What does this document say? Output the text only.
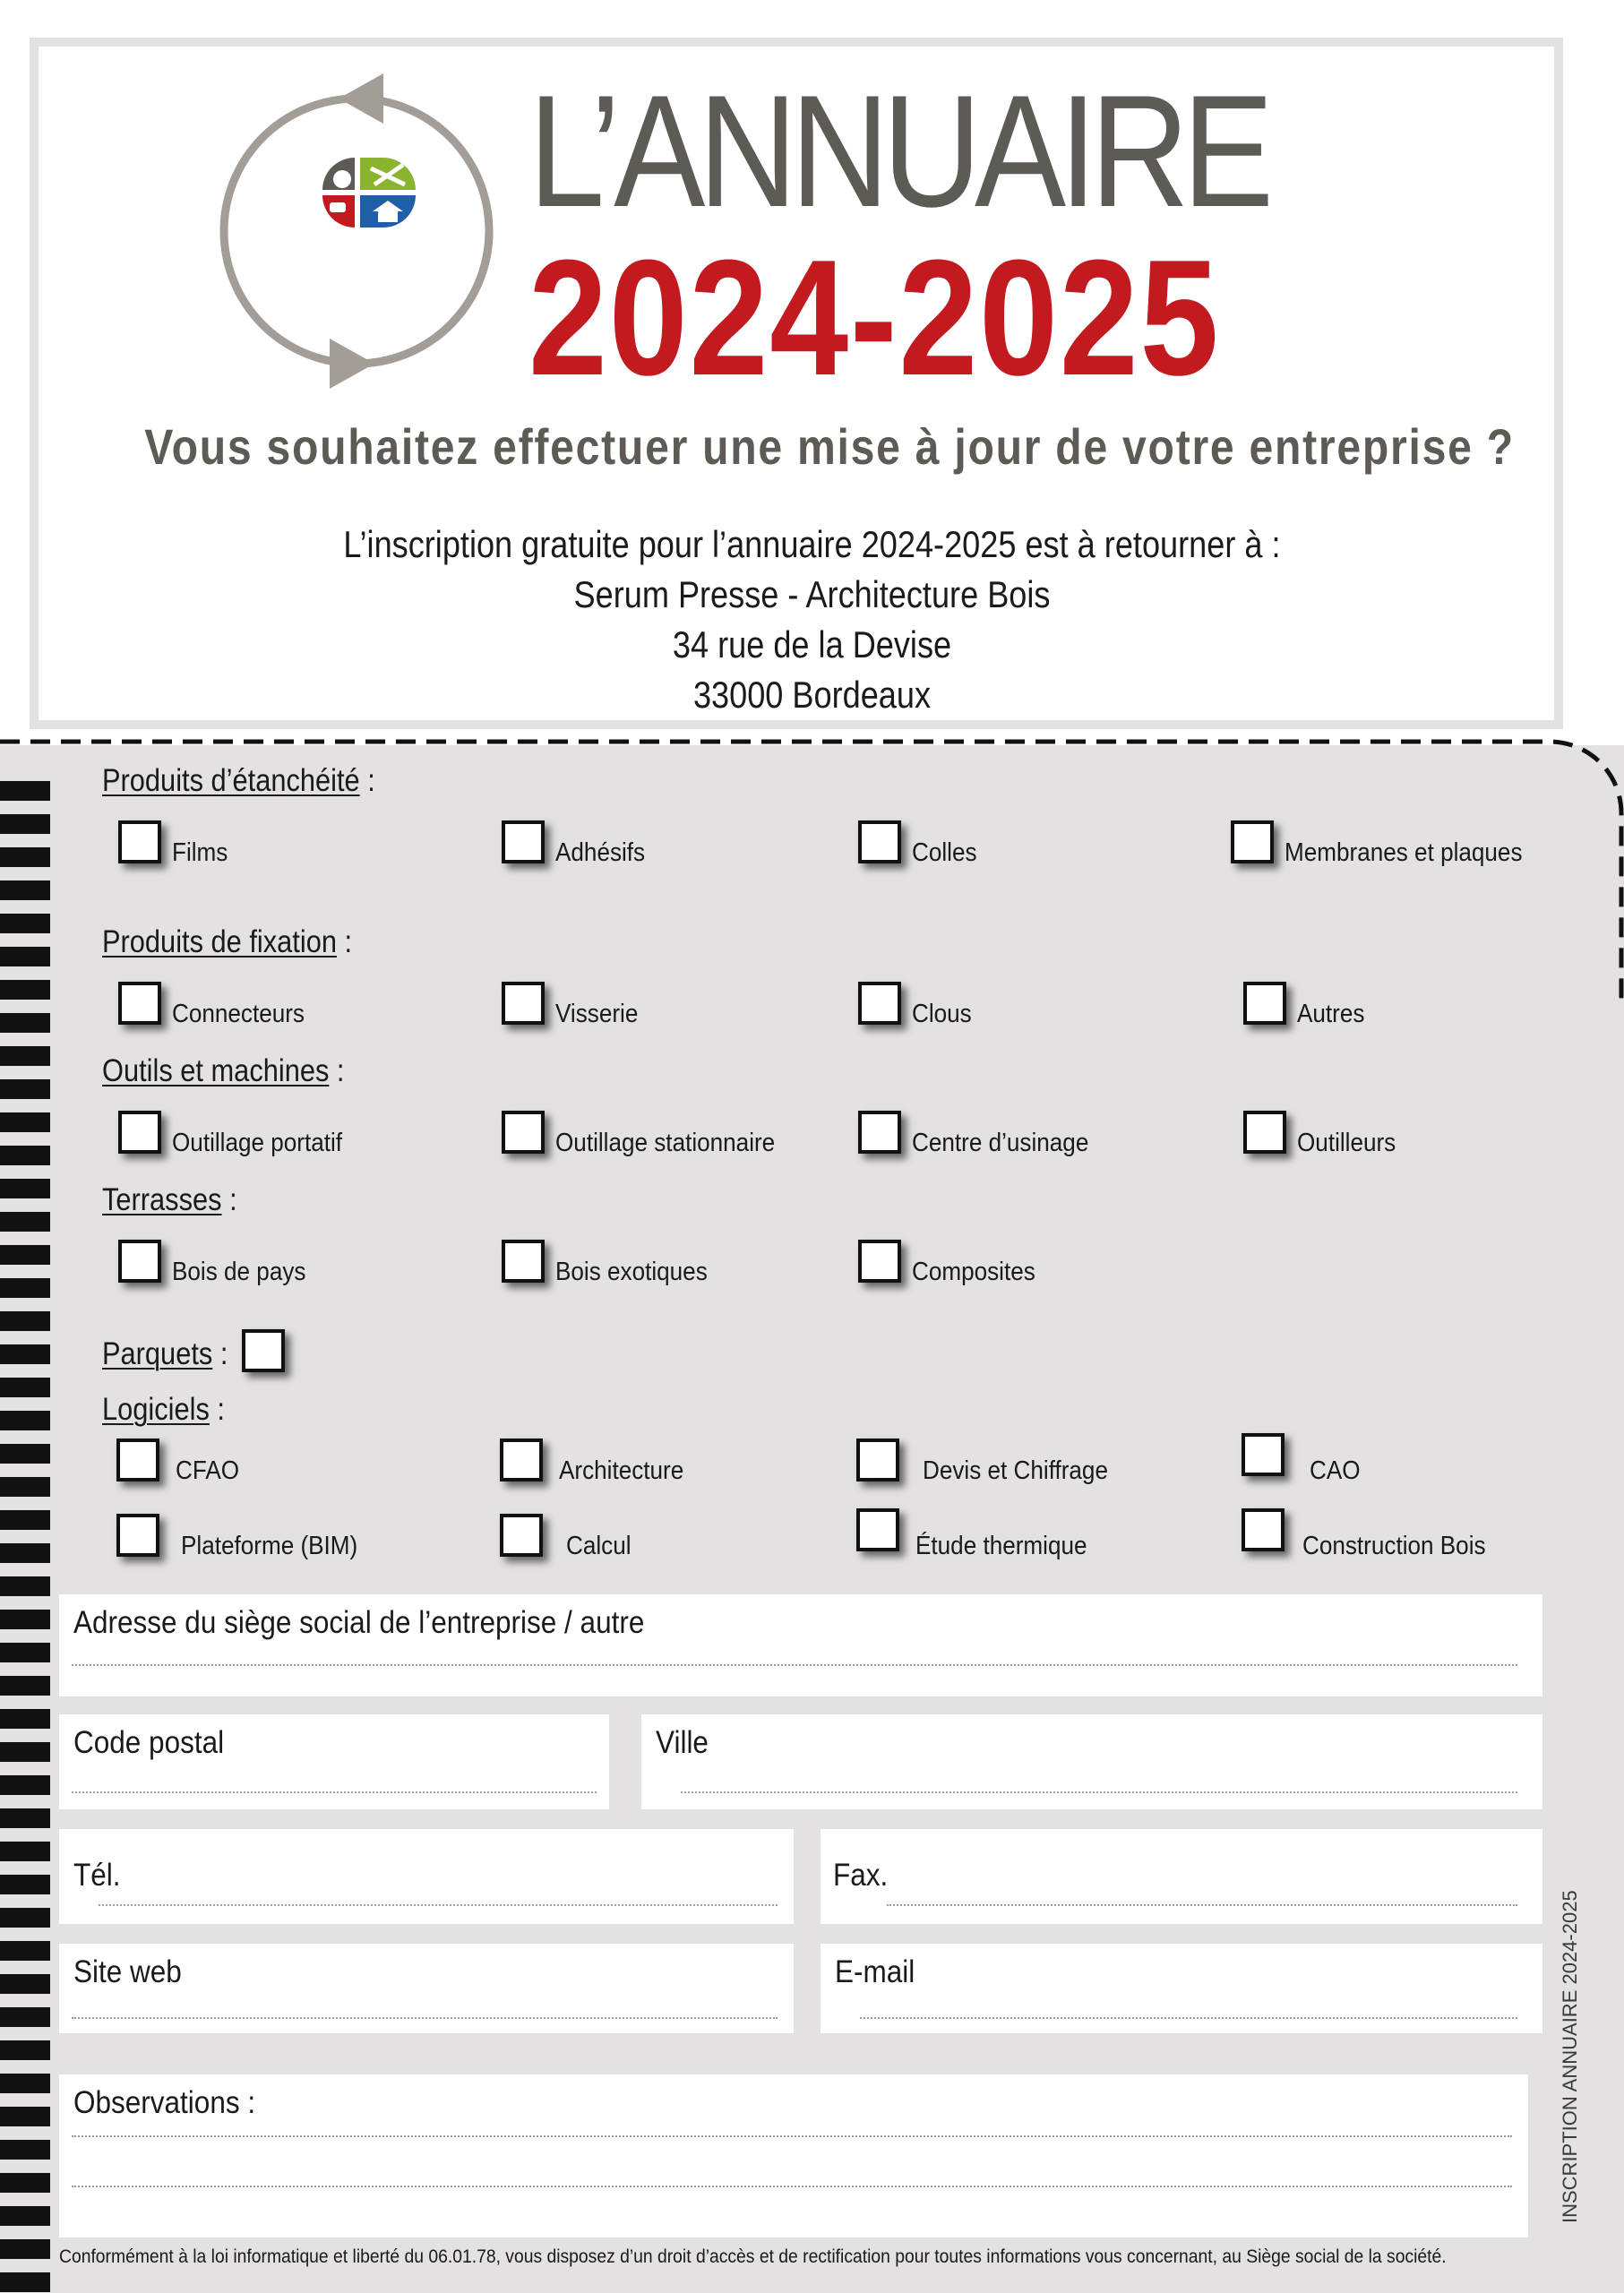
L’ANNUAIRE
2024-2025
Vous souhaitez effectuer une mise à jour de votre entreprise ?
L’inscription gratuite pour l’annuaire 2024-2025 est à retourner à :
Serum Presse - Architecture Bois
34 rue de la Devise
33000 Bordeaux
Produits d’étanchéité :
Films	Adhésifs	Colles	Membranes et plaques
Produits de fixation :
Connecteurs	Visserie	Clous	Autres
Outils et machines :
Outillage portatif	Outillage stationnaire	Centre d’usinage	Outilleurs
Terrasses :
Bois de pays	Bois exotiques	Composites
Parquets :
Logiciels :
CFAO	Architecture	Devis et Chiffrage	CAO
Plateforme (BIM)	Calcul	Étude thermique	Construction Bois
Adresse du siège social de l’entreprise / autre
Code postal	Ville
Tél.	Fax.
Site web	E-mail
Observations :	INSCRIPTION ANNUAIRE 2024-2025
Conformément à la loi informatique et liberté du 06.01.78, vous disposez d’un droit d’accès et de rectification pour toutes informations vous concernant, au Siège social de la société.
